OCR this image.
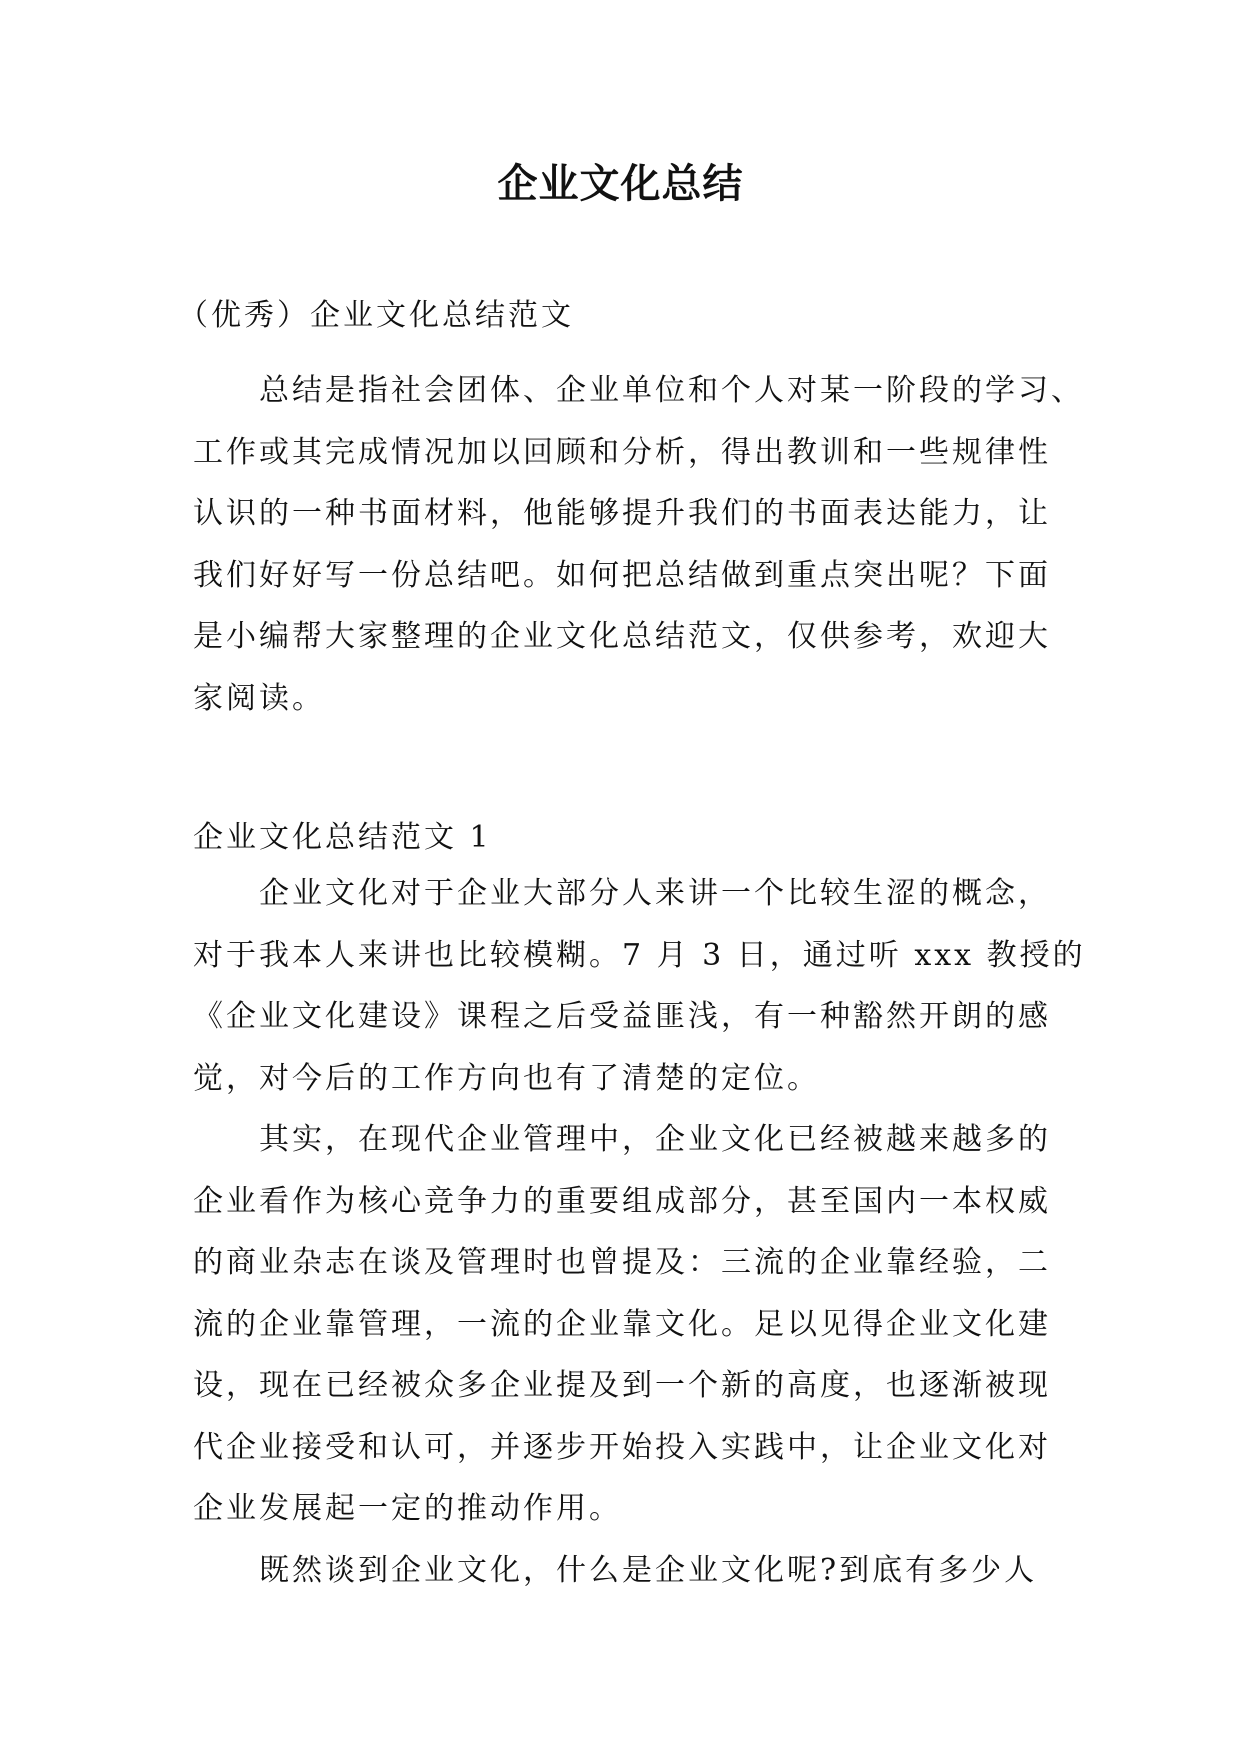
企业文化总结
（优秀）企业文化总结范文
总结是指社会团体、企业单位和个人对某一阶段的学习、
工作或其完成情况加以回顾和分析，得出教训和一些规律性
认识的一种书面材料，他能够提升我们的书面表达能力，让
我们好好写一份总结吧。如何把总结做到重点突出呢？下面
是小编帮大家整理的企业文化总结范文，仅供参考，欢迎大
家阅读。
企业文化总结范文 1
企业文化对于企业大部分人来讲一个比较生涩的概念，
对于我本人来讲也比较模糊。7 月 3 日，通过听 xxx 教授的
《企业文化建设》课程之后受益匪浅，有一种豁然开朗的感
觉，对今后的工作方向也有了清楚的定位。
其实，在现代企业管理中，企业文化已经被越来越多的
企业看作为核心竞争力的重要组成部分，甚至国内一本权威
的商业杂志在谈及管理时也曾提及：三流的企业靠经验，二
流的企业靠管理，一流的企业靠文化。足以见得企业文化建
设，现在已经被众多企业提及到一个新的高度，也逐渐被现
代企业接受和认可，并逐步开始投入实践中，让企业文化对
企业发展起一定的推动作用。
既然谈到企业文化，什么是企业文化呢?到底有多少人
